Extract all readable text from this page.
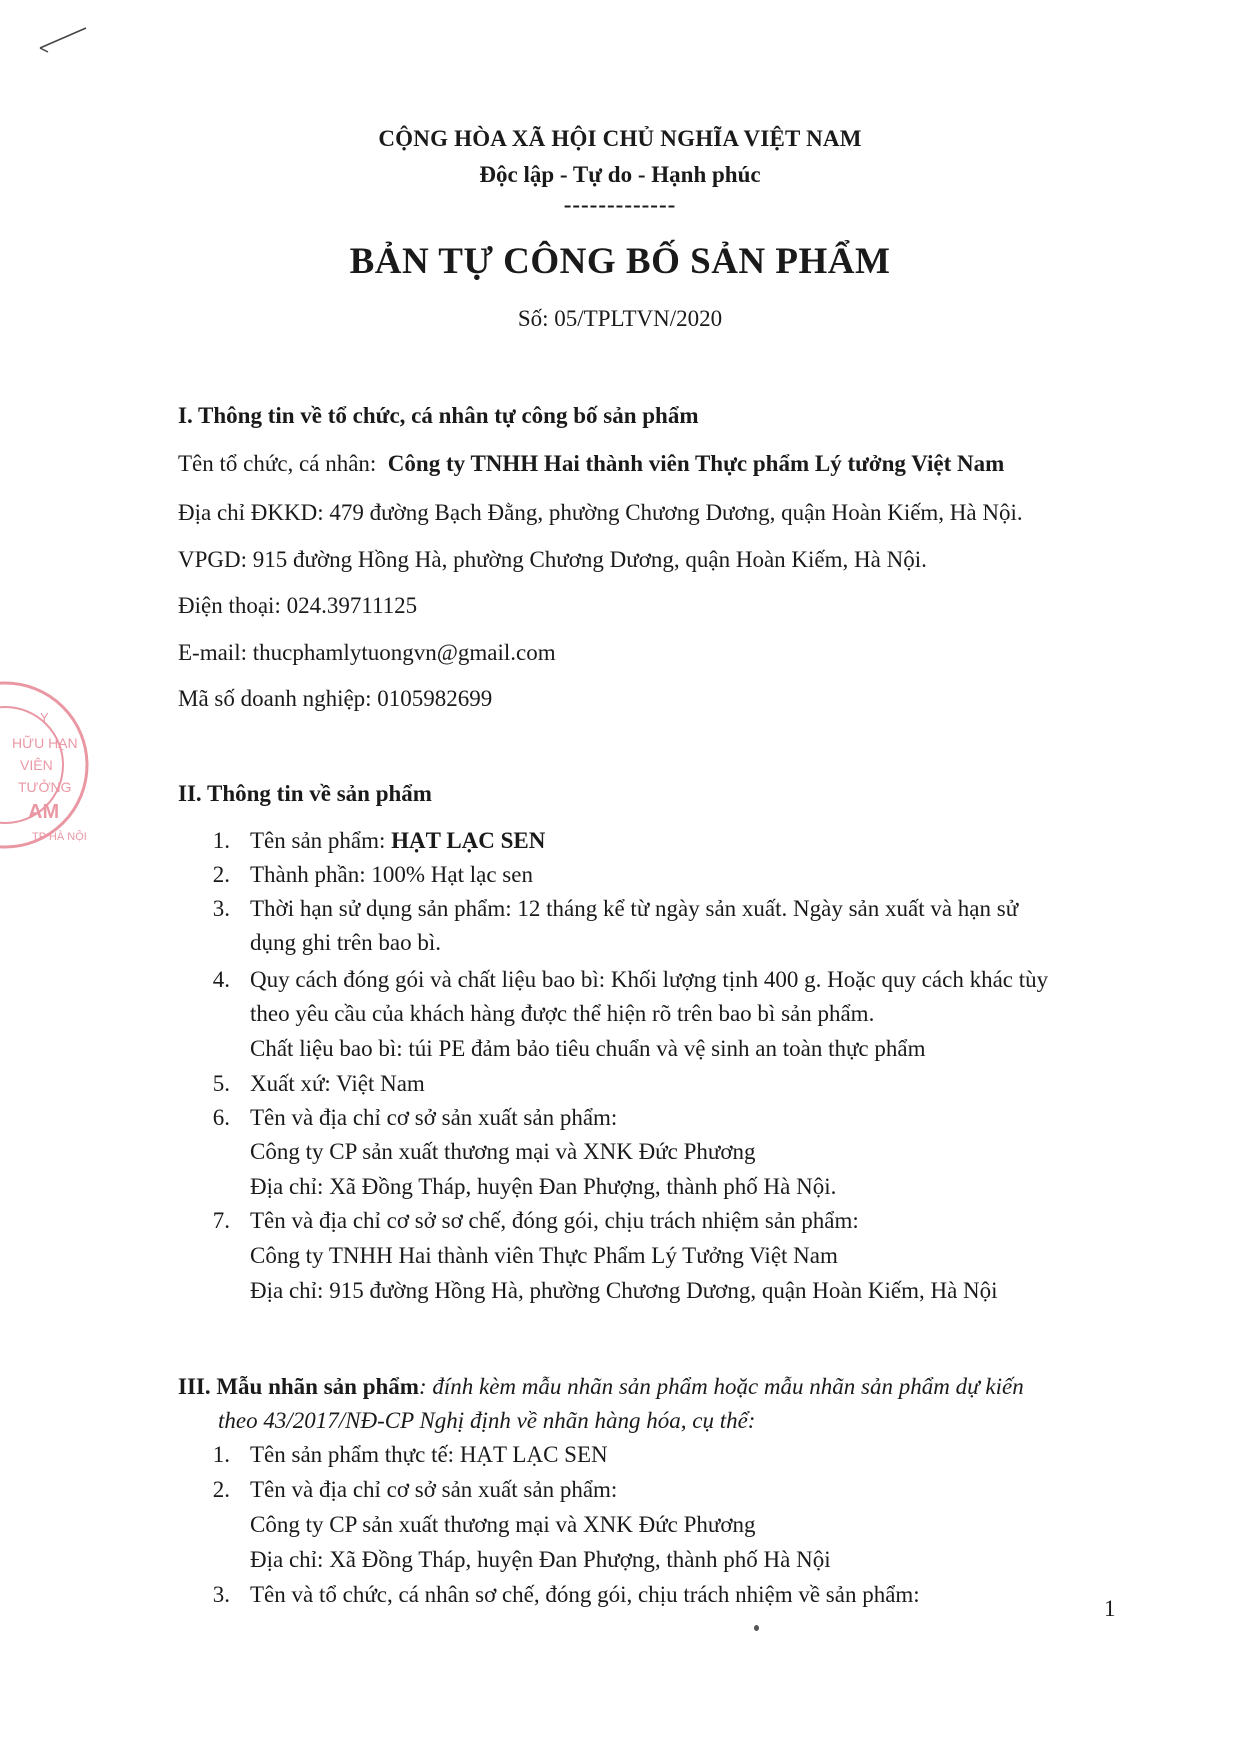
CỘNG HÒA XÃ HỘI CHỦ NGHĨA VIỆT NAM
Độc lập - Tự do - Hạnh phúc
-------------
BẢN TỰ CÔNG BỐ SẢN PHẨM
Số: 05/TPLTVN/2020
I. Thông tin về tổ chức, cá nhân tự công bố sản phẩm
Tên tổ chức, cá nhân: Công ty TNHH Hai thành viên Thực phẩm Lý tưởng Việt Nam
Địa chỉ ĐKKD: 479 đường Bạch Đằng, phường Chương Dương, quận Hoàn Kiếm, Hà Nội.
VPGD: 915 đường Hồng Hà, phường Chương Dương, quận Hoàn Kiếm, Hà Nội.
Điện thoại: 024.39711125
E-mail: thucphamlytuongvn@gmail.com
Mã số doanh nghiệp: 0105982699
II. Thông tin về sản phẩm
1. Tên sản phẩm: HẠT LẠC SEN
2. Thành phần: 100% Hạt lạc sen
3. Thời hạn sử dụng sản phẩm: 12 tháng kể từ ngày sản xuất. Ngày sản xuất và hạn sử
dụng ghi trên bao bì.
4. Quy cách đóng gói và chất liệu bao bì: Khối lượng tịnh 400 g. Hoặc quy cách khác tùy
theo yêu cầu của khách hàng được thể hiện rõ trên bao bì sản phẩm.
Chất liệu bao bì: túi PE đảm bảo tiêu chuẩn và vệ sinh an toàn thực phẩm
5. Xuất xứ: Việt Nam
6. Tên và địa chỉ cơ sở sản xuất sản phẩm:
Công ty CP sản xuất thương mại và XNK Đức Phương
Địa chỉ: Xã Đồng Tháp, huyện Đan Phượng, thành phố Hà Nội.
7. Tên và địa chỉ cơ sở sơ chế, đóng gói, chịu trách nhiệm sản phẩm:
Công ty TNHH Hai thành viên Thực Phẩm Lý Tưởng Việt Nam
Địa chỉ: 915 đường Hồng Hà, phường Chương Dương, quận Hoàn Kiếm, Hà Nội
III. Mẫu nhãn sản phẩm: đính kèm mẫu nhãn sản phẩm hoặc mẫu nhãn sản phẩm dự kiến
theo 43/2017/NĐ-CP Nghị định về nhãn hàng hóa, cụ thể:
1. Tên sản phẩm thực tế: HẠT LẠC SEN
2. Tên và địa chỉ cơ sở sản xuất sản phẩm:
Công ty CP sản xuất thương mại và XNK Đức Phương
Địa chỉ: Xã Đồng Tháp, huyện Đan Phượng, thành phố Hà Nội
3. Tên và tổ chức, cá nhân sơ chế, đóng gói, chịu trách nhiệm về sản phẩm:
Y
HỮU HẠN
VIÊN
TƯỞNG
AM
TP HÀ NỘI
1
